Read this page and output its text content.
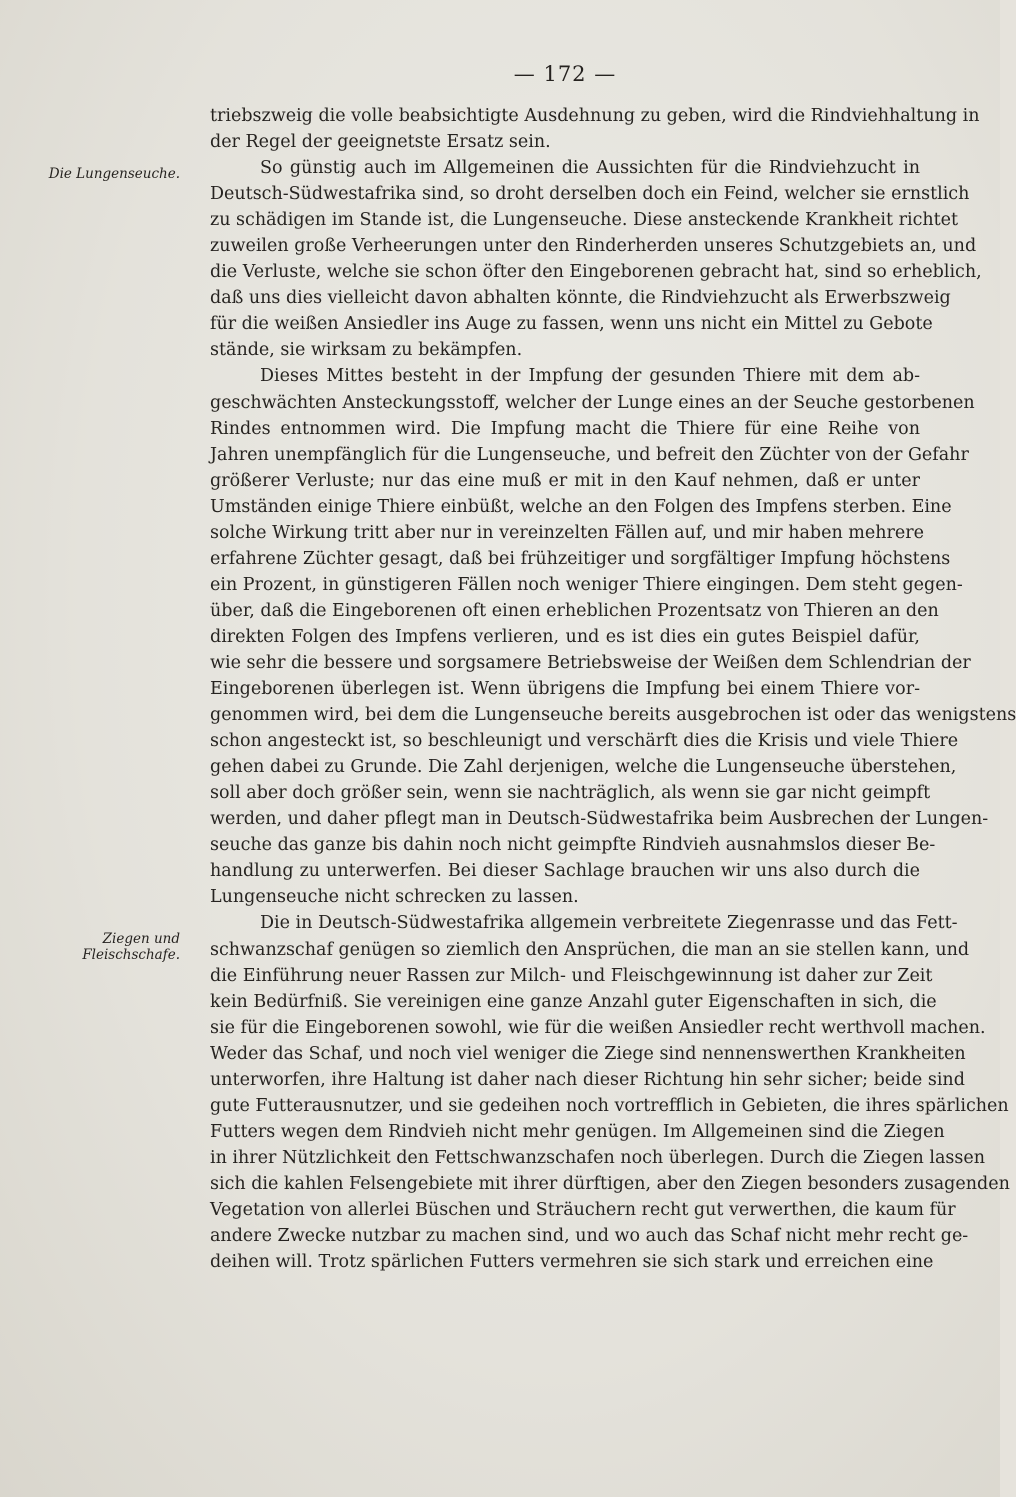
— 172 —
Die Lungenseuche.
Ziegen und Fleischschafe.
triebszweig die volle beabsichtigte Ausdehnung zu geben, wird die Rindviehhaltung in
der Regel der geeignetste Ersatz sein.
So günstig auch im Allgemeinen die Aussichten für die Rindviehzucht in
Deutsch-Südwestafrika sind, so droht derselben doch ein Feind, welcher sie ernstlich
zu schädigen im Stande ist, die Lungenseuche. Diese ansteckende Krankheit richtet
zuweilen große Verheerungen unter den Rinderherden unseres Schutzgebiets an, und
die Verluste, welche sie schon öfter den Eingeborenen gebracht hat, sind so erheblich,
daß uns dies vielleicht davon abhalten könnte, die Rindviehzucht als Erwerbszweig
für die weißen Ansiedler ins Auge zu fassen, wenn uns nicht ein Mittel zu Gebote
stände, sie wirksam zu bekämpfen.
Dieses Mittes besteht in der Impfung der gesunden Thiere mit dem ab-
geschwächten Ansteckungsstoff, welcher der Lunge eines an der Seuche gestorbenen
Rindes entnommen wird. Die Impfung macht die Thiere für eine Reihe von
Jahren unempfänglich für die Lungenseuche, und befreit den Züchter von der Gefahr
größerer Verluste; nur das eine muß er mit in den Kauf nehmen, daß er unter
Umständen einige Thiere einbüßt, welche an den Folgen des Impfens sterben. Eine
solche Wirkung tritt aber nur in vereinzelten Fällen auf, und mir haben mehrere
erfahrene Züchter gesagt, daß bei frühzeitiger und sorgfältiger Impfung höchstens
ein Prozent, in günstigeren Fällen noch weniger Thiere eingingen. Dem steht gegen-
über, daß die Eingeborenen oft einen erheblichen Prozentsatz von Thieren an den
direkten Folgen des Impfens verlieren, und es ist dies ein gutes Beispiel dafür,
wie sehr die bessere und sorgsamere Betriebsweise der Weißen dem Schlendrian der
Eingeborenen überlegen ist. Wenn übrigens die Impfung bei einem Thiere vor-
genommen wird, bei dem die Lungenseuche bereits ausgebrochen ist oder das wenigstens
schon angesteckt ist, so beschleunigt und verschärft dies die Krisis und viele Thiere
gehen dabei zu Grunde. Die Zahl derjenigen, welche die Lungenseuche überstehen,
soll aber doch größer sein, wenn sie nachträglich, als wenn sie gar nicht geimpft
werden, und daher pflegt man in Deutsch-Südwestafrika beim Ausbrechen der Lungen-
seuche das ganze bis dahin noch nicht geimpfte Rindvieh ausnahmslos dieser Be-
handlung zu unterwerfen. Bei dieser Sachlage brauchen wir uns also durch die
Lungenseuche nicht schrecken zu lassen.
Die in Deutsch-Südwestafrika allgemein verbreitete Ziegenrasse und das Fett-
schwanzschaf genügen so ziemlich den Ansprüchen, die man an sie stellen kann, und
die Einführung neuer Rassen zur Milch- und Fleischgewinnung ist daher zur Zeit
kein Bedürfniß. Sie vereinigen eine ganze Anzahl guter Eigenschaften in sich, die
sie für die Eingeborenen sowohl, wie für die weißen Ansiedler recht werthvoll machen.
Weder das Schaf, und noch viel weniger die Ziege sind nennenswerthen Krankheiten
unterworfen, ihre Haltung ist daher nach dieser Richtung hin sehr sicher; beide sind
gute Futterausnutzer, und sie gedeihen noch vortrefflich in Gebieten, die ihres spärlichen
Futters wegen dem Rindvieh nicht mehr genügen. Im Allgemeinen sind die Ziegen
in ihrer Nützlichkeit den Fettschwanzschafen noch überlegen. Durch die Ziegen lassen
sich die kahlen Felsengebiete mit ihrer dürftigen, aber den Ziegen besonders zusagenden
Vegetation von allerlei Büschen und Sträuchern recht gut verwerthen, die kaum für
andere Zwecke nutzbar zu machen sind, und wo auch das Schaf nicht mehr recht ge-
deihen will. Trotz spärlichen Futters vermehren sie sich stark und erreichen eine
